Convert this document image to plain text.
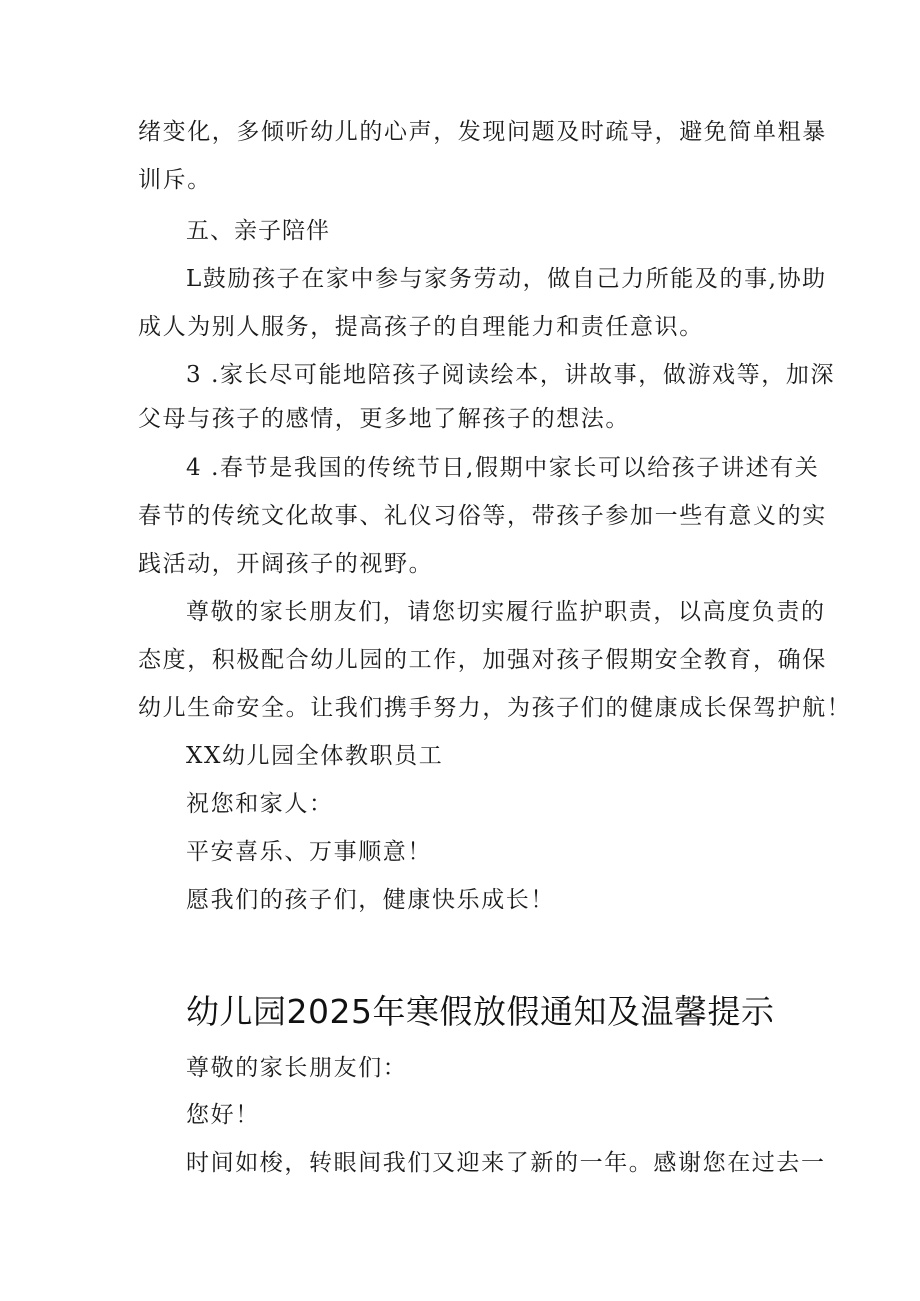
绪变化，多倾听幼儿的心声，发现问题及时疏导，避免简单粗暴

训斥。

五、亲子陪伴

L鼓励孩子在家中参与家务劳动，做自己力所能及的事,协助

成人为别人服务，提高孩子的自理能力和责任意识。

3 .家长尽可能地陪孩子阅读绘本，讲故事，做游戏等，加深

父母与孩子的感情，更多地了解孩子的想法。

4 .春节是我国的传统节日,假期中家长可以给孩子讲述有关

春节的传统文化故事、礼仪习俗等，带孩子参加一些有意义的实

践活动，开阔孩子的视野。

尊敬的家长朋友们，请您切实履行监护职责，以高度负责的

态度，积极配合幼儿园的工作，加强对孩子假期安全教育，确保

幼儿生命安全。让我们携手努力，为孩子们的健康成长保驾护航！

XX幼儿园全体教职员工

祝您和家人：

平安喜乐、万事顺意！

愿我们的孩子们，健康快乐成长！

幼儿园2025年寒假放假通知及温馨提示

尊敬的家长朋友们：

您好！

时间如梭，转眼间我们又迎来了新的一年。感谢您在过去一
